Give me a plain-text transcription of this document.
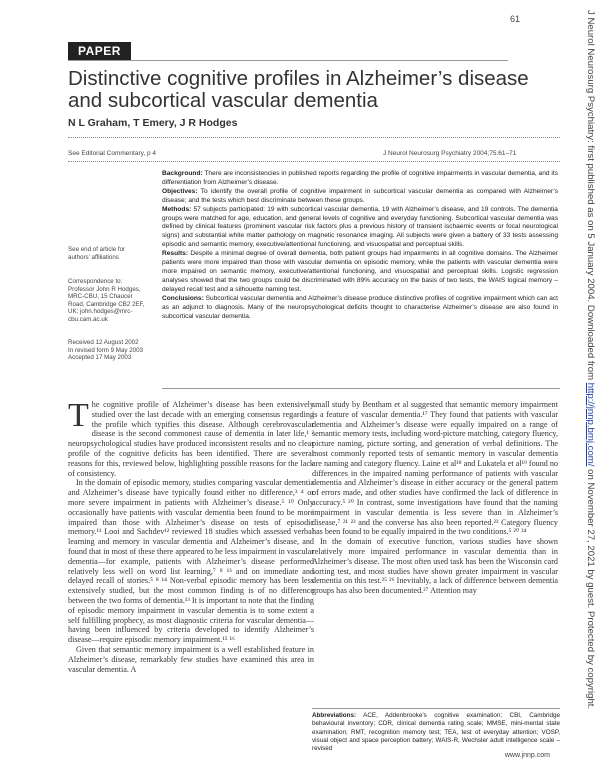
61
PAPER
Distinctive cognitive profiles in Alzheimer’s disease and subcortical vascular dementia
N L Graham, T Emery, J R Hodges
See Editorial Commentary, p 4	J Neurol Neurosurg Psychiatry 2004;75:61–71
See end of article for authors’ affiliations
Correspondence to:
Professor John R Hodges, MRC-CBU, 15 Chaucer Road, Cambridge CB2 2EF, UK; john.hodges@mrc-cbu.cam.ac.uk
Received 12 August 2002
In revised form 9 May 2003
Accepted 17 May 2003

Background: There are inconsistencies in published reports regarding the profile of cognitive impairments in vascular dementia, and its differentiation from Alzheimer’s disease.

Objectives: To identify the overall profile of cognitive impairment in subcortical vascular dementia as compared with Alzheimer’s disease; and the tests which best discriminate between these groups.

Methods: 57 subjects participated: 19 with subcortical vascular dementia, 19 with Alzheimer’s disease, and 19 controls. The dementia groups were matched for age, education, and general levels of cognitive and everyday functioning. Subcortical vascular dementia was defined by clinical features (prominent vascular risk factors plus a previous history of transient ischaemic events or focal neurological signs) and substantial white matter pathology on magnetic resonance imaging. All subjects were given a battery of 33 tests assessing episodic and semantic memory, executive/attentional functioning, and visuospatial and perceptual skills.

Results: Despite a minimal degree of overall dementia, both patient groups had impairments in all cognitive domains. The Alzheimer patients were more impaired than those with vascular dementia on episodic memory, while the patients with vascular dementia were more impaired on semantic memory, executive/attentional functioning, and visuospatial and perceptual skills. Logistic regression analyses showed that the two groups could be discriminated with 89% accuracy on the basis of two tests, the WAIS logical memory – delayed recall test and a silhouette naming test.

Conclusions: Subcortical vascular dementia and Alzheimer’s disease produce distinctive profiles of cognitive impairment which can act as an adjunct to diagnosis. Many of the neuropsychological deficits thought to characterise Alzheimer’s disease are also found in subcortical vascular dementia.

The cognitive profile of Alzheimer’s disease has been extensively studied over the last decade with an emerging consensus regarding the profile which typifies this disease. Although cerebrovascular disease is the second commonest cause of dementia in later life,¹ ² neuropsychological studies have produced inconsistent results and no clear profile of the cognitive deficits has been identified. There are several reasons for this, reviewed below, highlighting possible reasons for the lack of consistency.

In the domain of episodic memory, studies comparing vascular dementia and Alzheimer’s disease have typically found either no difference,³ ⁴ or more severe impairment in patients with Alzheimer’s disease.⁵ ¹⁰ Only occasionally have patients with vascular dementia been found to be more impaired than those with Alzheimer’s disease on tests of episodic memory.¹¹ Looi and Sachdev¹² reviewed 18 studies which assessed verbal learning and memory in vascular dementia and Alzheimer’s disease, and found that in most of these there appeared to be less impairment in vascular dementia—for example, patients with Alzheimer’s disease performed relatively less well on word list learning,⁷ ⁸ ¹³ and on immediate and delayed recall of stories.⁵ ⁸ ¹⁴ Non-verbal episodic memory has been less extensively studied, but the most common finding is of no difference between the two forms of dementia.¹³ It is important to note that the finding of episodic memory impairment in vascular dementia is to some extent a self fulfilling prophecy, as most diagnostic criteria for vascular dementia—having been influenced by criteria developed to identify Alzheimer’s disease—require episodic memory impairment.¹⁵ ¹⁶

Given that semantic memory impairment is a well established feature in Alzheimer’s disease, remarkably few studies have examined this area in vascular dementia. A

small study by Bentham et al suggested that semantic memory impairment is a feature of vascular dementia.¹⁷ They found that patients with vascular dementia and Alzheimer’s disease were equally impaired on a range of semantic memory tests, including word-picture matching, category fluency, picture naming, picture sorting, and generation of verbal definitions. The most commonly reported tests of semantic memory in vascular dementia are naming and category fluency. Laine et al¹⁸ and Lukatela et al¹⁹ found no differences in the impaired naming performance of patients with vascular dementia and Alzheimer’s disease in either accuracy or the general pattern of errors made, and other studies have confirmed the lack of difference in accuracy.⁵ ²⁰ In contrast, some investigations have found that the naming impairment in vascular dementia is less severe than in Alzheimer’s disease,⁷ ²¹ ²² and the converse has also been reported.²³ Category fluency has been found to be equally impaired in the two conditions.⁵ ²⁰ ²⁴

In the domain of executive function, various studies have shown relatively more impaired performance in vascular dementia than in Alzheimer’s disease. The most often used task has been the Wisconsin card sorting test, and most studies have shown greater impairment in vascular dementia on this test.²⁵ ²⁶ Inevitably, a lack of difference between dementia groups has also been documented.²⁷ Attention may

Abbreviations: ACE, Addenbrooke’s cognitive examination; CBI, Cambridge behavioural inventory; CDR, clinical dementia rating scale; MMSE, mini-mental state examination; RMT, recognition memory test; TEA, test of everyday attention; VOSP, visual object and space perception battery; WAIS-R, Wechsler adult intelligence scale – revised
www.jnnp.com
J Neurol Neurosurg Psychiatry: first published as on 5 January 2004. Downloaded from http://jnnp.bmj.com/ on November 27, 2021 by guest. Protected by copyright.
